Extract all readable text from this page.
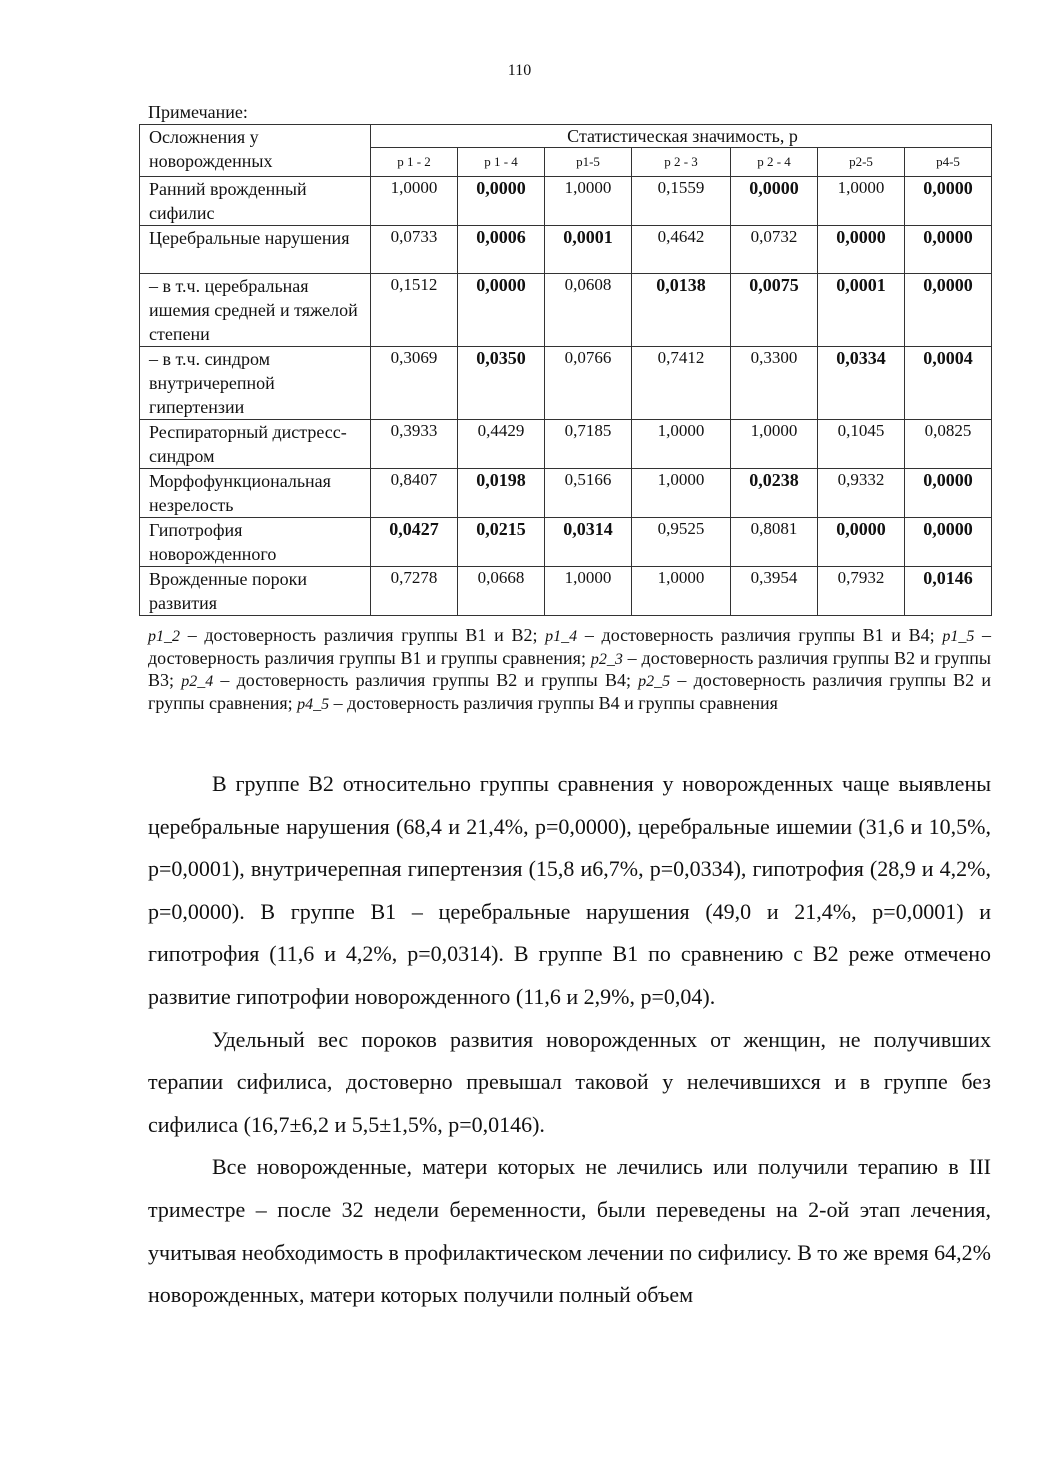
110
Примечание:
Осложнения у новорожденных	Статистическая значимость, р						
	р 1 - 2	р 1 - 4	р1-5	р 2 - 3	р 2 - 4	р2-5	р4-5
Ранний врожденный сифилис	1,0000	0,0000	1,0000	0,1559	0,0000	1,0000	0,0000
Церебральные нарушения	0,0733	0,0006	0,0001	0,4642	0,0732	0,0000	0,0000
– в т.ч. церебральная ишемия средней и тяжелой степени	0,1512	0,0000	0,0608	0,0138	0,0075	0,0001	0,0000
– в т.ч. синдром внутричерепной гипертензии	0,3069	0,0350	0,0766	0,7412	0,3300	0,0334	0,0004
Респираторный дистресс-синдром	0,3933	0,4429	0,7185	1,0000	1,0000	0,1045	0,0825
Морфофункциональная незрелость	0,8407	0,0198	0,5166	1,0000	0,0238	0,9332	0,0000
Гипотрофия новорожденного	0,0427	0,0215	0,0314	0,9525	0,8081	0,0000	0,0000
Врожденные пороки развития	0,7278	0,0668	1,0000	1,0000	0,3954	0,7932	0,0146
p1_2 – достоверность различия группы В1 и В2; p1_4 – достоверность различия группы В1 и В4; p1_5 – достоверность различия группы В1 и группы сравнения; p2_3 – достоверность различия группы В2 и группы В3; p2_4 – достоверность различия группы В2 и группы В4; p2_5 – достоверность различия группы В2 и группы сравнения; p4_5 – достоверность различия группы В4 и группы сравнения

В группе В2 относительно группы сравнения у новорожденных чаще выявлены церебральные нарушения (68,4 и 21,4%, р=0,0000), церебральные ишемии (31,6 и 10,5%, р=0,0001), внутричерепная гипертензия (15,8 и6,7%, р=0,0334), гипотрофия (28,9 и 4,2%, р=0,0000). В группе В1 – церебральные нарушения (49,0 и 21,4%, р=0,0001) и гипотрофия (11,6 и 4,2%, р=0,0314). В группе В1 по сравнению с В2 реже отмечено развитие гипотрофии новорожденного (11,6 и 2,9%, р=0,04).

Удельный вес пороков развития новорожденных от женщин, не получивших терапии сифилиса, достоверно превышал таковой у нелечившихся и в группе без сифилиса (16,7±6,2 и 5,5±1,5%, р=0,0146).

Все новорожденные, матери которых не лечились или получили терапию в III триместре – после 32 недели беременности, были переведены на 2-ой этап лечения, учитывая необходимость в профилактическом лечении по сифилису. В то же время 64,2% новорожденных, матери которых получили полный объем
